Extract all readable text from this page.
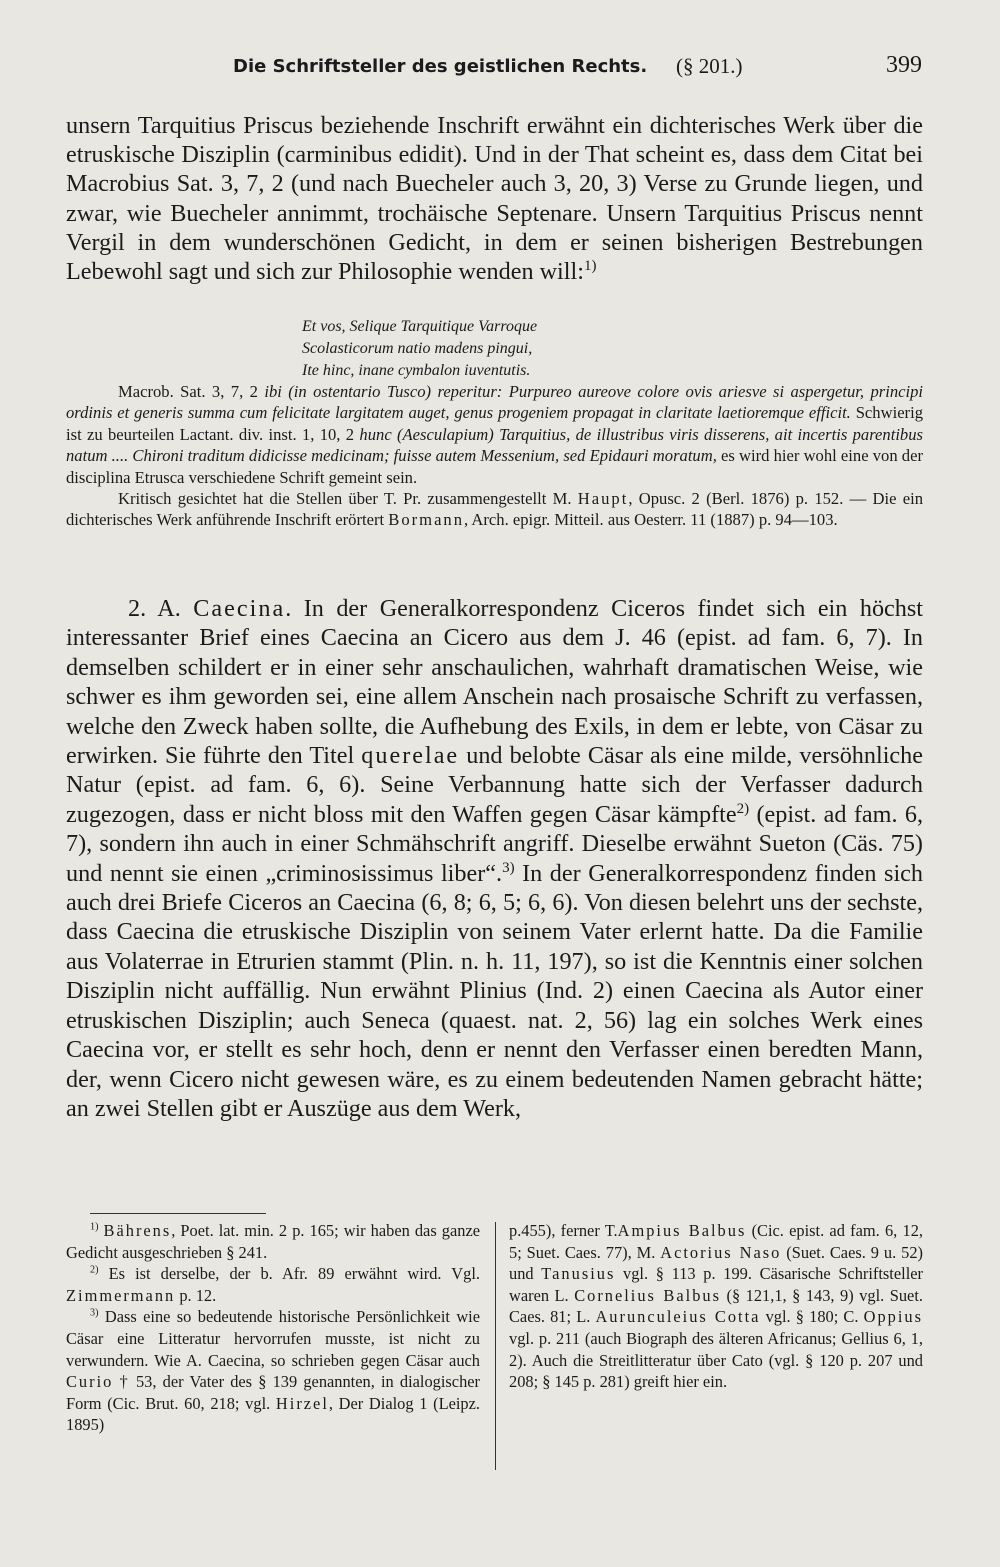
Die Schriftsteller des geistlichen Rechts. (§ 201.)	399

unsern Tarquitius Priscus beziehende Inschrift erwähnt ein dichterisches Werk über die etruskische Disziplin (carminibus edidit). Und in der That scheint es, dass dem Citat bei Macrobius Sat. 3, 7, 2 (und nach Buecheler auch 3, 20, 3) Verse zu Grunde liegen, und zwar, wie Buecheler annimmt, trochäische Septenare. Unsern Tarquitius Priscus nennt Vergil in dem wunderschönen Gedicht, in dem er seinen bisherigen Bestrebungen Lebewohl sagt und sich zur Philosophie wenden will:$^{1)}$

Et vos, Selique Tarquitique Varroque
Scolasticorum natio madens pingui,
Ite hinc, inane cymbalon iuventutis.

Macrob. Sat. 3, 7, 2 ibi (in ostentario Tusco) reperitur: Purpureo aureove colore ovis ariesve si aspergetur, principi ordinis et generis summa cum felicitate largitatem auget, genus progeniem propagat in claritate laetioremque efficit. Schwierig ist zu beurteilen Lactant. div. inst. 1, 10, 2 hunc (Aesculapium) Tarquitius, de illustribus viris disserens, ait incertis parentibus natum .... Chironi traditum didicisse medicinam; fuisse autem Messenium, sed Epidauri moratum, es wird hier wohl eine von der disciplina Etrusca verschiedene Schrift gemeint sein.

Kritisch gesichtet hat die Stellen über T. Pr. zusammengestellt M. Haupt, Opusc. 2 (Berl. 1876) p. 152. — Die ein dichterisches Werk anführende Inschrift erörtert Bormann, Arch. epigr. Mitteil. aus Oesterr. 11 (1887) p. 94—103.

2. A. Caecina. In der Generalkorrespondenz Ciceros findet sich ein höchst interessanter Brief eines Caecina an Cicero aus dem J. 46 (epist. ad fam. 6, 7). In demselben schildert er in einer sehr anschaulichen, wahrhaft dramatischen Weise, wie schwer es ihm geworden sei, eine allem Anschein nach prosaische Schrift zu verfassen, welche den Zweck haben sollte, die Aufhebung des Exils, in dem er lebte, von Cäsar zu erwirken. Sie führte den Titel querelae und belobte Cäsar als eine milde, versöhnliche Natur (epist. ad fam. 6, 6). Seine Verbannung hatte sich der Verfasser dadurch zugezogen, dass er nicht bloss mit den Waffen gegen Cäsar kämpfte$^{2)}$ (epist. ad fam. 6, 7), sondern ihn auch in einer Schmähschrift angriff. Dieselbe erwähnt Sueton (Cäs. 75) und nennt sie einen „criminosissimus liber“.$^{3)}$ In der Generalkorrespondenz finden sich auch drei Briefe Ciceros an Caecina (6, 8; 6, 5; 6, 6). Von diesen belehrt uns der sechste, dass Caecina die etruskische Disziplin von seinem Vater erlernt hatte. Da die Familie aus Volaterrae in Etrurien stammt (Plin. n. h. 11, 197), so ist die Kenntnis einer solchen Disziplin nicht auffällig. Nun erwähnt Plinius (Ind. 2) einen Caecina als Autor einer etruskischen Disziplin; auch Seneca (quaest. nat. 2, 56) lag ein solches Werk eines Caecina vor, er stellt es sehr hoch, denn er nennt den Verfasser einen beredten Mann, der, wenn Cicero nicht gewesen wäre, es zu einem bedeutenden Namen gebracht hätte; an zwei Stellen gibt er Auszüge aus dem Werk,

$^{1)}$ Bährens, Poet. lat. min. 2 p. 165; wir haben das ganze Gedicht ausgeschrieben § 241.

$^{2)}$ Es ist derselbe, der b. Afr. 89 erwähnt wird. Vgl. Zimmermann p. 12.

$^{3)}$ Dass eine so bedeutende historische Persönlichkeit wie Cäsar eine Litteratur hervorrufen musste, ist nicht zu verwundern. Wie A. Caecina, so schrieben gegen Cäsar auch Curio † 53, der Vater des § 139 genannten, in dialogischer Form (Cic. Brut. 60, 218; vgl. Hirzel, Der Dialog 1 (Leipz. 1895)

p.455), ferner T.Ampius Balbus (Cic. epist. ad fam. 6, 12, 5; Suet. Caes. 77), M. Actorius Naso (Suet. Caes. 9 u. 52) und Tanusius vgl. § 113 p. 199. Cäsarische Schriftsteller waren L. Cornelius Balbus (§ 121,1, § 143, 9) vgl. Suet. Caes. 81; L. Aurunculeius Cotta vgl. § 180; C. Oppius vgl. p. 211 (auch Biograph des älteren Africanus; Gellius 6, 1, 2). Auch die Streitlitteratur über Cato (vgl. § 120 p. 207 und 208; § 145 p. 281) greift hier ein.
